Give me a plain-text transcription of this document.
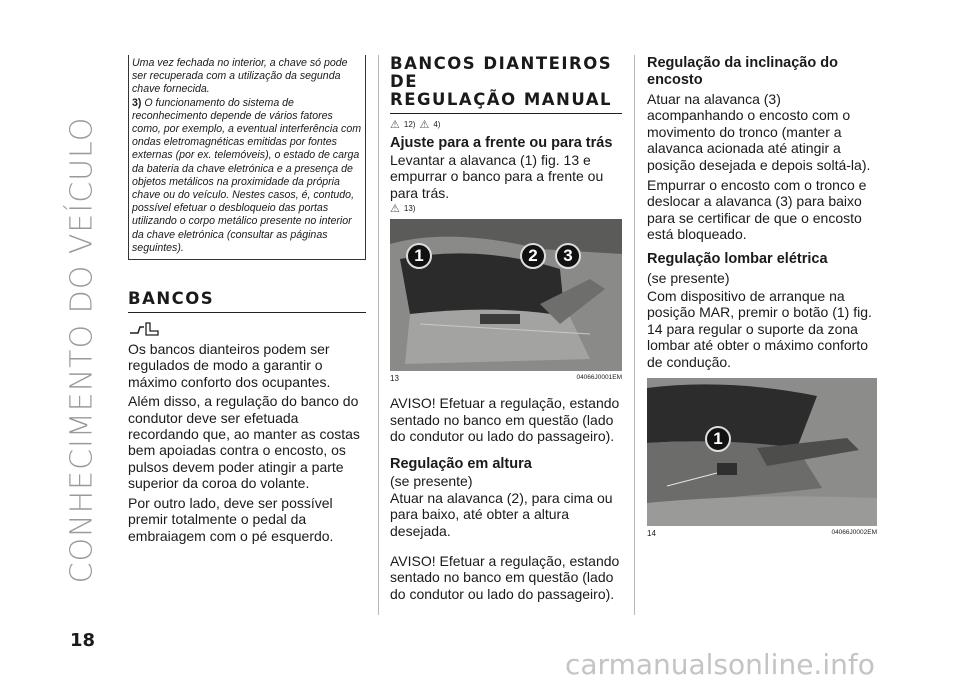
CONHECIMENTO DO VEÍCULO
18
carmanualsonline.info
Uma vez fechada no interior, a chave só pode ser recuperada com a utilização da segunda chave fornecida.
3) O funcionamento do sistema de reconhecimento depende de vários fatores como, por exemplo, a eventual interferência com ondas eletromagnéticas emitidas por fontes externas (por ex. telemóveis), o estado de carga da bateria da chave eletrónica e a presença de objetos metálicos na proximidade da própria chave ou do veículo. Nestes casos, é, contudo, possível efetuar o desbloqueio das portas utilizando o corpo metálico presente no interior da chave eletrónica (consultar as páginas seguintes).
BANCOS
Os bancos dianteiros podem ser regulados de modo a garantir o máximo conforto dos ocupantes.
Além disso, a regulação do banco do condutor deve ser efetuada recordando que, ao manter as costas bem apoiadas contra o encosto, os pulsos devem poder atingir a parte superior da coroa do volante.
Por outro lado, deve ser possível premir totalmente o pedal da embraiagem com o pé esquerdo.
BANCOS DIANTEIROS DE
REGULAÇÃO MANUAL
⚠ 12) ⚠ 4)
Ajuste para a frente ou para trás
Levantar a alavanca (1) fig. 13 e empurrar o banco para a frente ou para trás.
⚠ 13)
1	2	3
13	04066J0001EM
AVISO! Efetuar a regulação, estando sentado no banco em questão (lado do condutor ou lado do passageiro).
Regulação em altura
(se presente)
Atuar na alavanca (2), para cima ou para baixo, até obter a altura desejada.
AVISO! Efetuar a regulação, estando sentado no banco em questão (lado do condutor ou lado do passageiro).
Regulação da inclinação do encosto
Atuar na alavanca (3) acompanhando o encosto com o movimento do tronco (manter a alavanca acionada até atingir a posição desejada e depois soltá-la).
Empurrar o encosto com o tronco e deslocar a alavanca (3) para baixo para se certificar de que o encosto está bloqueado.
Regulação lombar elétrica
(se presente)
Com dispositivo de arranque na posição MAR, premir o botão (1) fig. 14 para regular o suporte da zona lombar até obter o máximo conforto de condução.
1
14	04066J0002EM
